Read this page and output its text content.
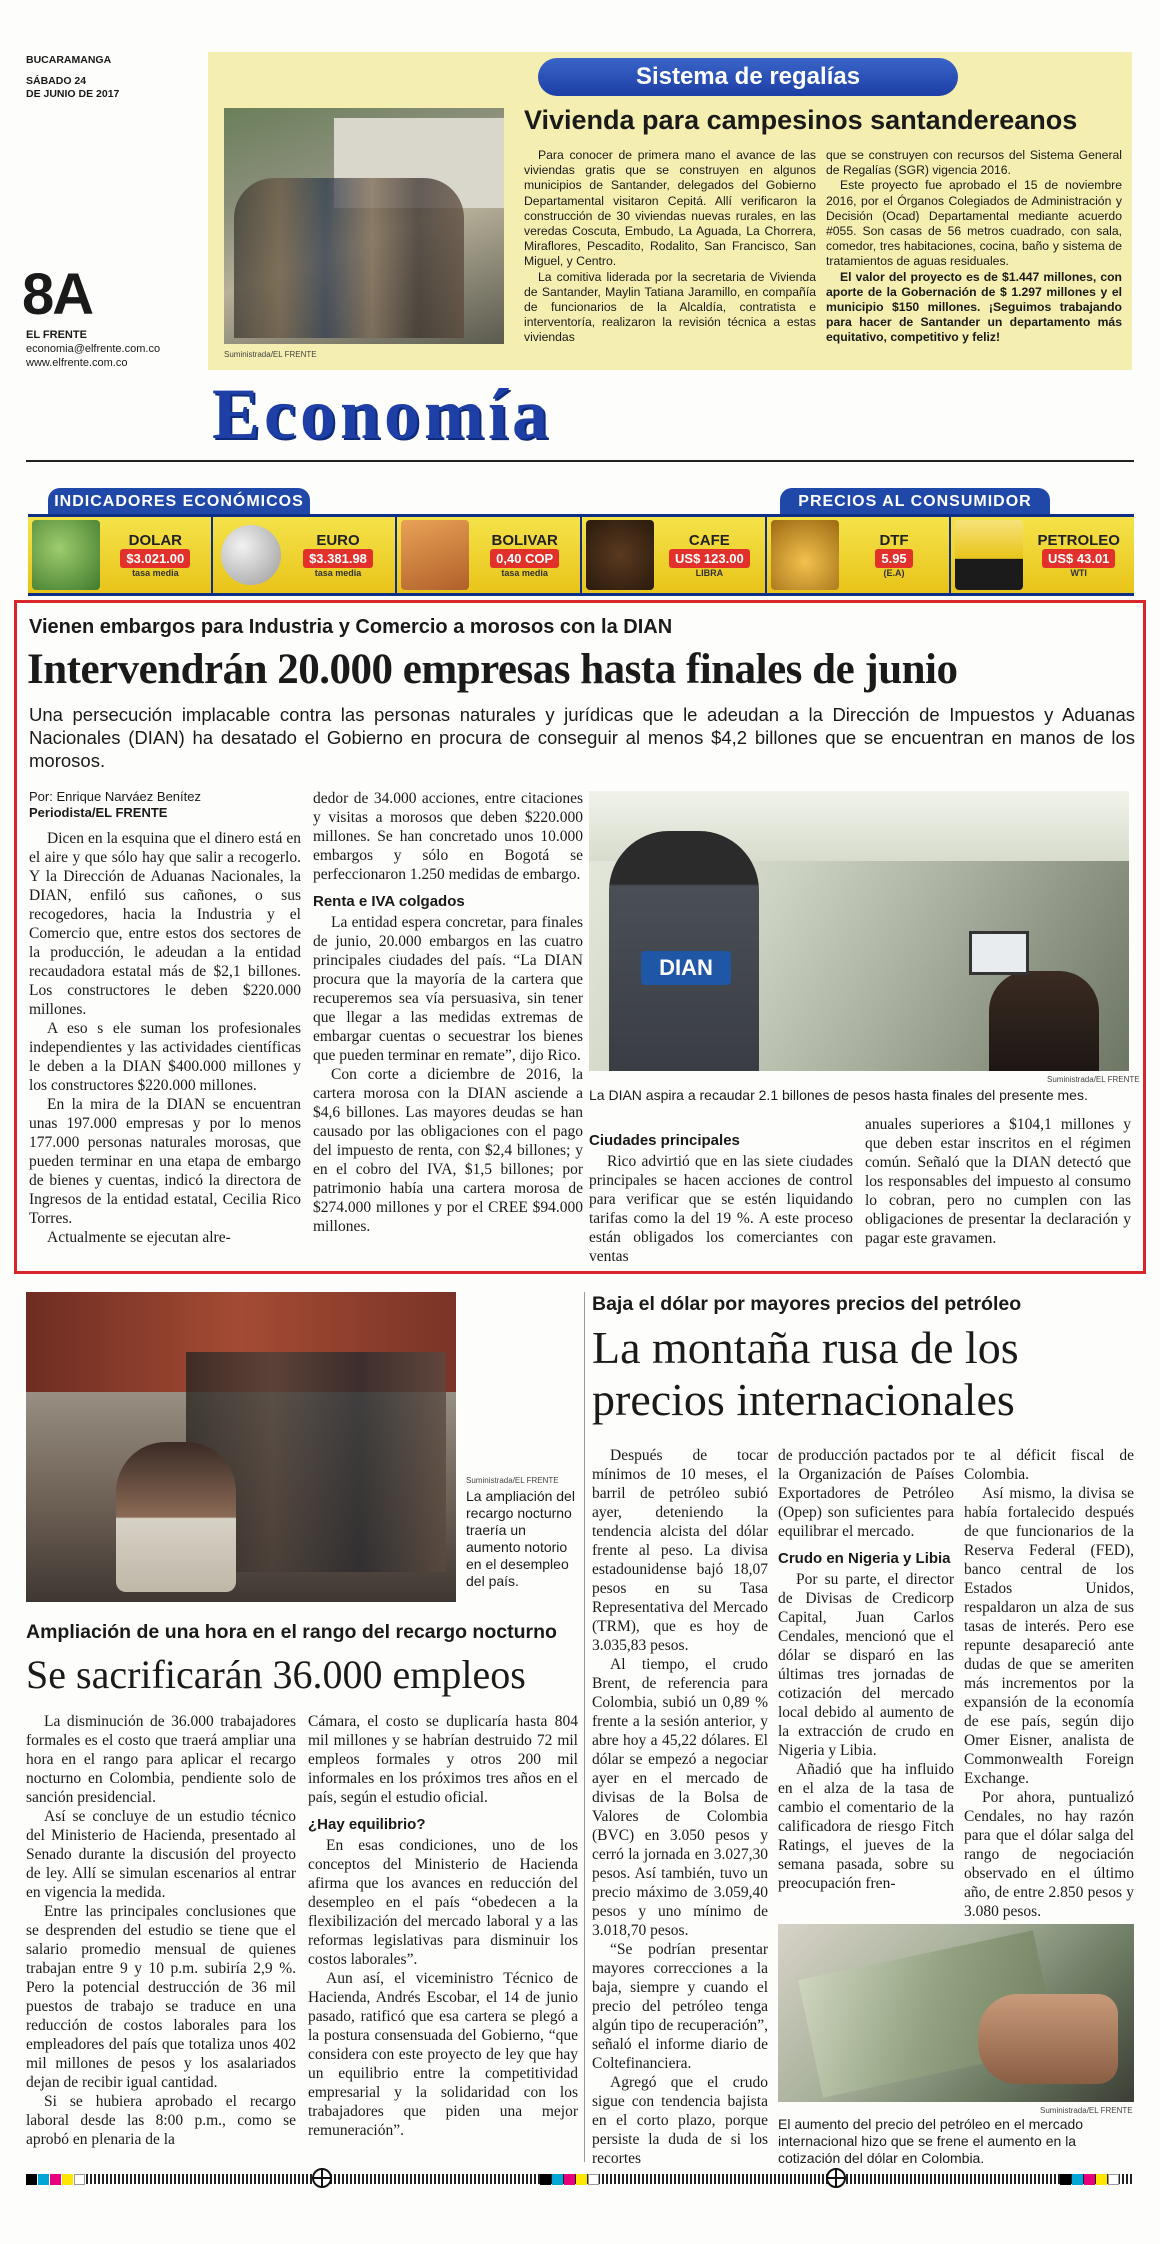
BUCARAMANGA
SÁBADO 24
DE JUNIO DE 2017
8A
EL FRENTE
economia@elfrente.com.co
www.elfrente.com.co
Sistema de regalías
Suministrada/EL FRENTE
Vivienda para campesinos santandereanos

Para conocer de primera mano el avance de las viviendas gratis que se construyen en algunos municipios de Santander, delegados del Gobierno Departamental visitaron Cepitá. Allí verificaron la construcción de 30 viviendas nuevas rurales, en las veredas Coscuta, Embudo, La Aguada, La Chorrera, Miraflores, Pescadito, Rodalito, San Francisco, San Miguel, y Centro.

La comitiva liderada por la secretaria de Vivienda de Santander, Maylin Tatiana Jaramillo, en compañía de funcionarios de la Alcaldía, contratista e interventoría, realizaron la revisión técnica a estas viviendas

que se construyen con recursos del Sistema General de Regalías (SGR) vigencia 2016.

Este proyecto fue aprobado el 15 de noviembre 2016, por el Órganos Colegiados de Administración y Decisión (Ocad) Departamental mediante acuerdo #055. Son casas de 56 metros cuadrado, con sala, comedor, tres habitaciones, cocina, baño y sistema de tratamientos de aguas residuales.

El valor del proyecto es de $1.447 millones, con aporte de la Gobernación de $ 1.297 millones y el municipio $150 millones. ¡Seguimos trabajando para hacer de Santander un departamento más equitativo, competitivo y feliz!

Economía
INDICADORES ECONÓMICOS	PRECIOS AL CONSUMIDOR
DOLAR
$3.021.00
tasa media
EURO
$3.381.98
tasa media
BOLIVAR
0,40 COP
tasa media
CAFE
US$ 123.00
LIBRA
DTF
5.95
(E.A)
PETROLEO
US$ 43.01
WTI
Vienen embargos para Industria y Comercio a morosos con la DIAN
Intervendrán 20.000 empresas hasta finales de junio
Una persecución implacable contra las personas naturales y jurídicas que le adeudan a la Dirección de Impuestos y Aduanas Nacionales (DIAN) ha desatado el Gobierno en procura de conseguir al menos $4,2 billones que se encuentran en manos de los morosos.
Por: Enrique Narváez Benítez
Periodista/EL FRENTE

Dicen en la esquina que el dinero está en el aire y que sólo hay que salir a recogerlo. Y la Dirección de Aduanas Nacionales, la DIAN, enfiló sus cañones, o sus recogedores, hacia la Industria y el Comercio que, entre estos dos sectores de la producción, le adeudan a la entidad recaudadora estatal más de $2,1 billones. Los constructores le deben $220.000 millones.

A eso s ele suman los profesionales independientes y las actividades científicas le deben a la DIAN $400.000 millones y los constructores $220.000 millones.

En la mira de la DIAN se encuentran unas 197.000 empresas y por lo menos 177.000 personas naturales morosas, que pueden terminar en una etapa de embargo de bienes y cuentas, indicó la directora de Ingresos de la entidad estatal, Cecilia Rico Torres.

Actualmente se ejecutan alre-

dedor de 34.000 acciones, entre citaciones y visitas a morosos que deben $220.000 millones. Se han concretado unos 10.000 embargos y sólo en Bogotá se perfeccionaron 1.250 medidas de embargo.

Renta e IVA colgados

La entidad espera concretar, para finales de junio, 20.000 embargos en las cuatro principales ciudades del país. “La DIAN procura que la mayoría de la cartera que recuperemos sea vía persuasiva, sin tener que llegar a las medidas extremas de embargar cuentas o secuestrar los bienes que pueden terminar en remate”, dijo Rico.

Con corte a diciembre de 2016, la cartera morosa con la DIAN asciende a $4,6 billones. Las mayores deudas se han causado por las obligaciones con el pago del impuesto de renta, con $2,4 billones; y en el cobro del IVA, $1,5 billones; por patrimonio había una cartera morosa de $274.000 millones y por el CREE $94.000 millones.

DIAN
Suministrada/EL FRENTE
La DIAN aspira a recaudar 2.1 billones de pesos hasta finales del presente mes.
Ciudades principales

Rico advirtió que en las siete ciudades principales se hacen acciones de control para verificar que se estén liquidando tarifas como la del 19 %. A este proceso están obligados los comerciantes con ventas

anuales superiores a $104,1 millones y que deben estar inscritos en el régimen común. Señaló que la DIAN detectó que los responsables del impuesto al consumo lo cobran, pero no cumplen con las obligaciones de presentar la declaración y pagar este gravamen.

Suministrada/EL FRENTE
La ampliación del recargo nocturno traería un aumento notorio en el desempleo del país.
Ampliación de una hora en el rango del recargo nocturno
Se sacrificarán 36.000 empleos

La disminución de 36.000 trabajadores formales es el costo que traerá ampliar una hora en el rango para aplicar el recargo nocturno en Colombia, pendiente solo de sanción presidencial.

Así se concluye de un estudio técnico del Ministerio de Hacienda, presentado al Senado durante la discusión del proyecto de ley. Allí se simulan escenarios al entrar en vigencia la medida.

Entre las principales conclusiones que se desprenden del estudio se tiene que el salario promedio mensual de quienes trabajan entre 9 y 10 p.m. subiría 2,9 %. Pero la potencial destrucción de 36 mil puestos de trabajo se traduce en una reducción de costos laborales para los empleadores del país que totaliza unos 402 mil millones de pesos y los asalariados dejan de recibir igual cantidad.

Si se hubiera aprobado el recargo laboral desde las 8:00 p.m., como se aprobó en plenaria de la

Cámara, el costo se duplicaría hasta 804 mil millones y se habrían destruido 72 mil empleos formales y otros 200 mil informales en los próximos tres años en el país, según el estudio oficial.

¿Hay equilibrio?

En esas condiciones, uno de los conceptos del Ministerio de Hacienda afirma que los avances en reducción del desempleo en el país “obedecen a la flexibilización del mercado laboral y a las reformas legislativas para disminuir los costos laborales”.

Aun así, el viceministro Técnico de Hacienda, Andrés Escobar, el 14 de junio pasado, ratificó que esa cartera se plegó a la postura consensuada del Gobierno, “que considera con este proyecto de ley que hay un equilibrio entre la competitividad empresarial y la solidaridad con los trabajadores que piden una mejor remuneración”.

Baja el dólar por mayores precios del petróleo
La montaña rusa de los precios internacionales

Después de tocar mínimos de 10 meses, el barril de petróleo subió ayer, deteniendo la tendencia alcista del dólar frente al peso. La divisa estadounidense bajó 18,07 pesos en su Tasa Representativa del Mercado (TRM), que es hoy de 3.035,83 pesos.

Al tiempo, el crudo Brent, de referencia para Colombia, subió un 0,89 % frente a la sesión anterior, y abre hoy a 45,22 dólares. El dólar se empezó a negociar ayer en el mercado de divisas de la Bolsa de Valores de Colombia (BVC) en 3.050 pesos y cerró la jornada en 3.027,30 pesos. Así también, tuvo un precio máximo de 3.059,40 pesos y uno mínimo de 3.018,70 pesos.

“Se podrían presentar mayores correcciones a la baja, siempre y cuando el precio del petróleo tenga algún tipo de recuperación”, señaló el informe diario de Coltefinanciera.

Agregó que el crudo sigue con tendencia bajista en el corto plazo, porque persiste la duda de si los recortes

de producción pactados por la Organización de Países Exportadores de Petróleo (Opep) son suficientes para equilibrar el mercado.

Crudo en Nigeria y Libia

Por su parte, el director de Divisas de Credicorp Capital, Juan Carlos Cendales, mencionó que el dólar se disparó en las últimas tres jornadas de cotización del mercado local debido al aumento de la extracción de crudo en Nigeria y Libia.

Añadió que ha influido en el alza de la tasa de cambio el comentario de la calificadora de riesgo Fitch Ratings, el jueves de la semana pasada, sobre su preocupación fren-

te al déficit fiscal de Colombia.

Así mismo, la divisa se había fortalecido después de que funcionarios de la Reserva Federal (FED), banco central de los Estados Unidos, respaldaron un alza de sus tasas de interés. Pero ese repunte desapareció ante dudas de que se ameriten más incrementos por la expansión de la economía de ese país, según dijo Omer Eisner, analista de Commonwealth Foreign Exchange.

Por ahora, puntualizó Cendales, no hay razón para que el dólar salga del rango de negociación observado en el último año, de entre 2.850 pesos y 3.080 pesos.

Suministrada/EL FRENTE
El aumento del precio del petróleo en el mercado internacional hizo que se frene el aumento en la cotización del dólar en Colombia.
